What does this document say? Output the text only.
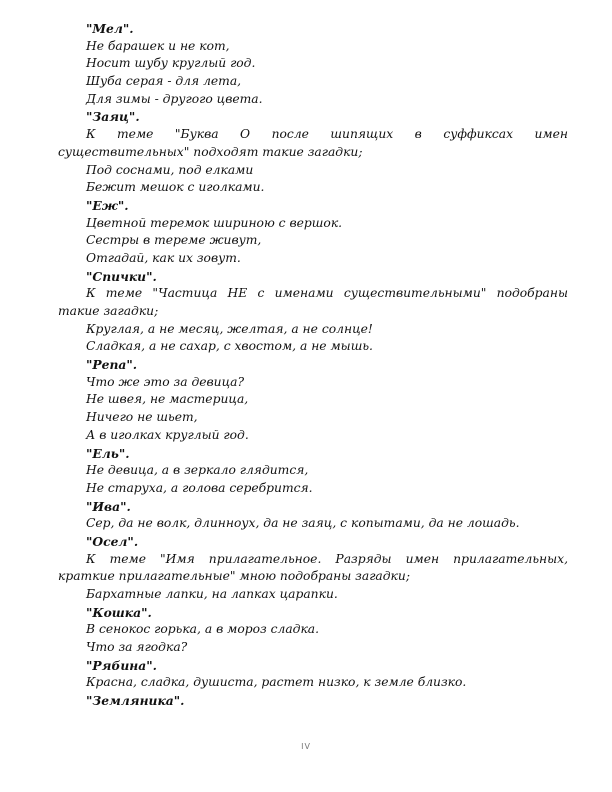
"Мел".
Не барашек и не кот,
Носит шубу круглый год.
Шуба серая - для лета,
Для зимы - другого цвета.
"Заяц".
К теме "Буква О после шипящих в суффиксах имен
существительных" подходят такие загадки;
Под соснами, под елками
Бежит мешок с иголками.
"Еж".
Цветной теремок шириною с вершок.
Сестры в тереме живут,
Отгадай, как их зовут.
"Спички".
К теме "Частица НЕ с именами существительными" подобраны
такие загадки;
Круглая, а не месяц, желтая, а не солнце!
Сладкая, а не сахар, с хвостом, а не мышь.
"Репа".
Что же это за девица?
Не швея, не мастерица,
Ничего не шьет,
А в иголках круглый год.
"Ель".
Не девица, а в зеркало глядится,
Не старуха, а голова серебрится.
"Ива".
Сер, да не волк, длинноух, да не заяц, с копытами, да не лошадь.
"Осел".
К теме "Имя прилагательное. Разряды имен прилагательных,
краткие прилагательные" мною подобраны загадки;
Бархатные лапки, на лапках царапки.
"Кошка".
В сенокос горька, а в мороз сладка.
Что за ягодка?
"Рябина".
Красна, сладка, душиста, растет низко, к земле близко.
"Земляника".
IV
